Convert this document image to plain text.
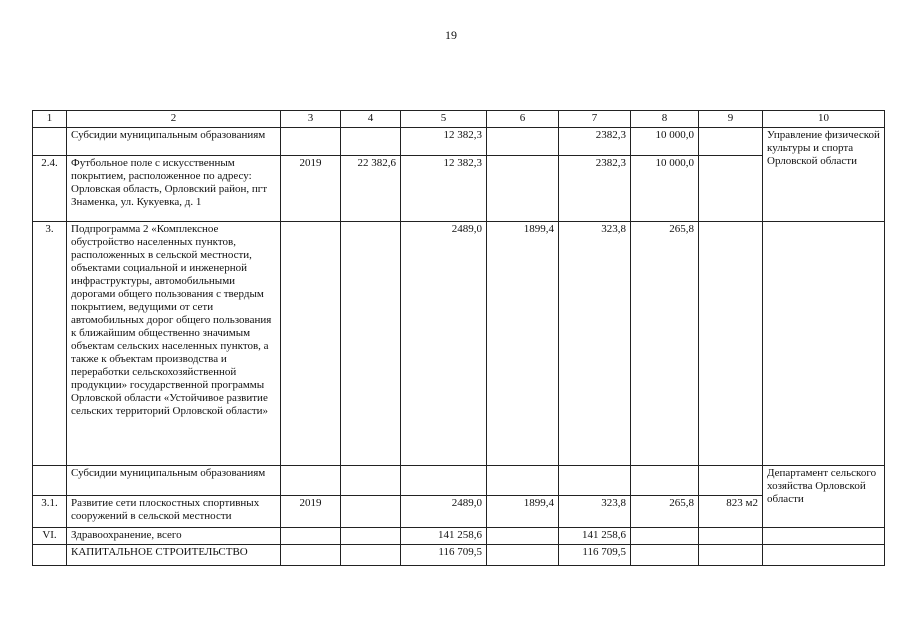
19
1	2	3	4	5	6	7	8	9	10
	Субсидии муниципальным образованиям			12 382,3		2382,3	10 000,0		Управление физической культуры и спорта Орловской области
2.4.	Футбольное поле с искусственным покрытием, расположенное по адресу: Орловская область, Орловский район, пгт Знаменка, ул. Кукуевка, д. 1	2019	22 382,6	12 382,3		2382,3	10 000,0		
3.	Подпрограмма 2 «Комплексное обустройство населенных пунктов, расположенных в сельской местности, объектами социальной и инженерной инфраструктуры, автомобильными дорогами общего пользования с твердым покрытием, ведущими от сети автомобильных дорог общего пользования к ближайшим общественно значимым объектам сельских населенных пунктов, а также к объектам производства и переработки сельскохозяйственной продукции» государственной программы Орловской области «Устойчивое развитие сельских территорий Орловской области»			2489,0	1899,4	323,8	265,8		
	Субсидии муниципальным образованиям								Департамент сельского хозяйства Орловской области
3.1.	Развитие сети плоскостных спортивных сооружений в сельской местности	2019		2489,0	1899,4	323,8	265,8	823 м2	
VI.	Здравоохранение, всего			141 258,6		141 258,6			
	КАПИТАЛЬНОЕ СТРОИТЕЛЬСТВО			116 709,5		116 709,5			
